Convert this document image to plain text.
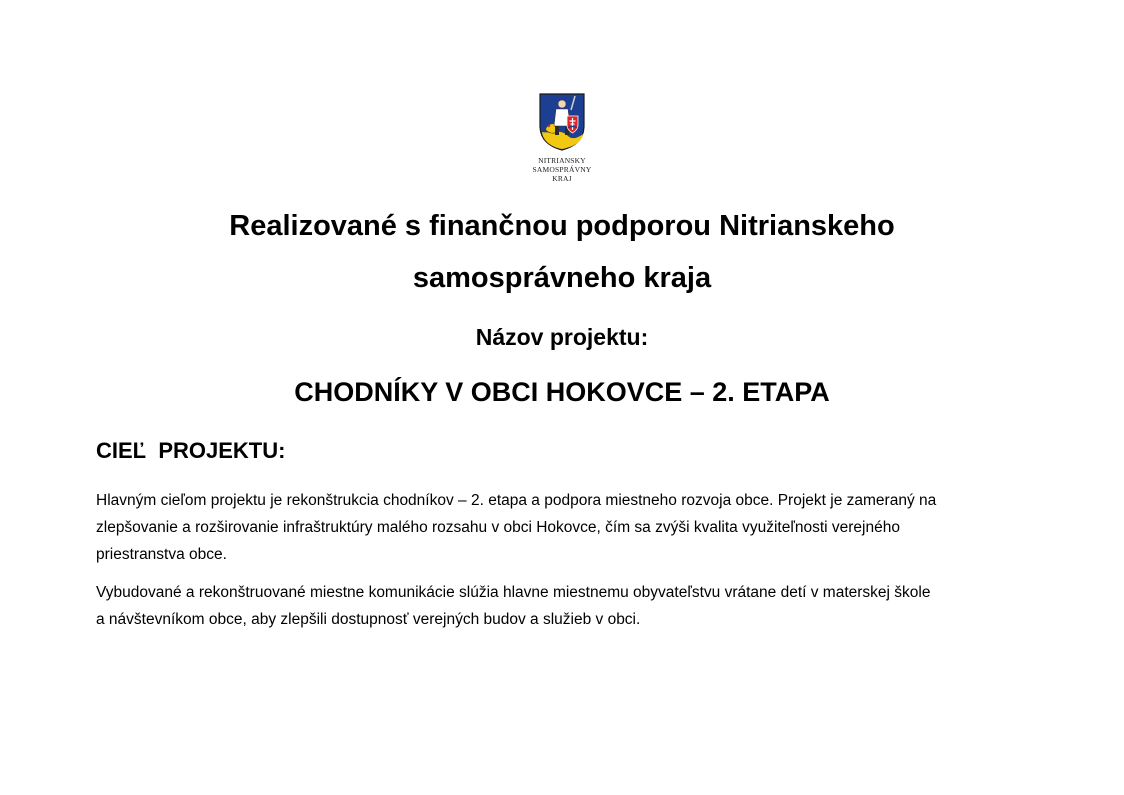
NITRIANSKY
SAMOSPRÁVNY
KRAJ
Realizované s finančnou podporou Nitrianskeho
samosprávneho kraja
Názov projektu:
CHODNÍKY V OBCI HOKOVCE – 2. ETAPA
CIEĽ  PROJEKTU:
Hlavným cieľom projektu je rekonštrukcia chodníkov – 2. etapa a podpora miestneho rozvoja obce. Projekt je zameraný na
zlepšovanie a rozširovanie infraštruktúry malého rozsahu v obci Hokovce, čím sa zvýši kvalita využiteľnosti verejného
priestranstva obce.
Vybudované a rekonštruované miestne komunikácie slúžia hlavne miestnemu obyvateľstvu vrátane detí v materskej škole
a návštevníkom obce, aby zlepšili dostupnosť verejných budov a služieb v obci.
